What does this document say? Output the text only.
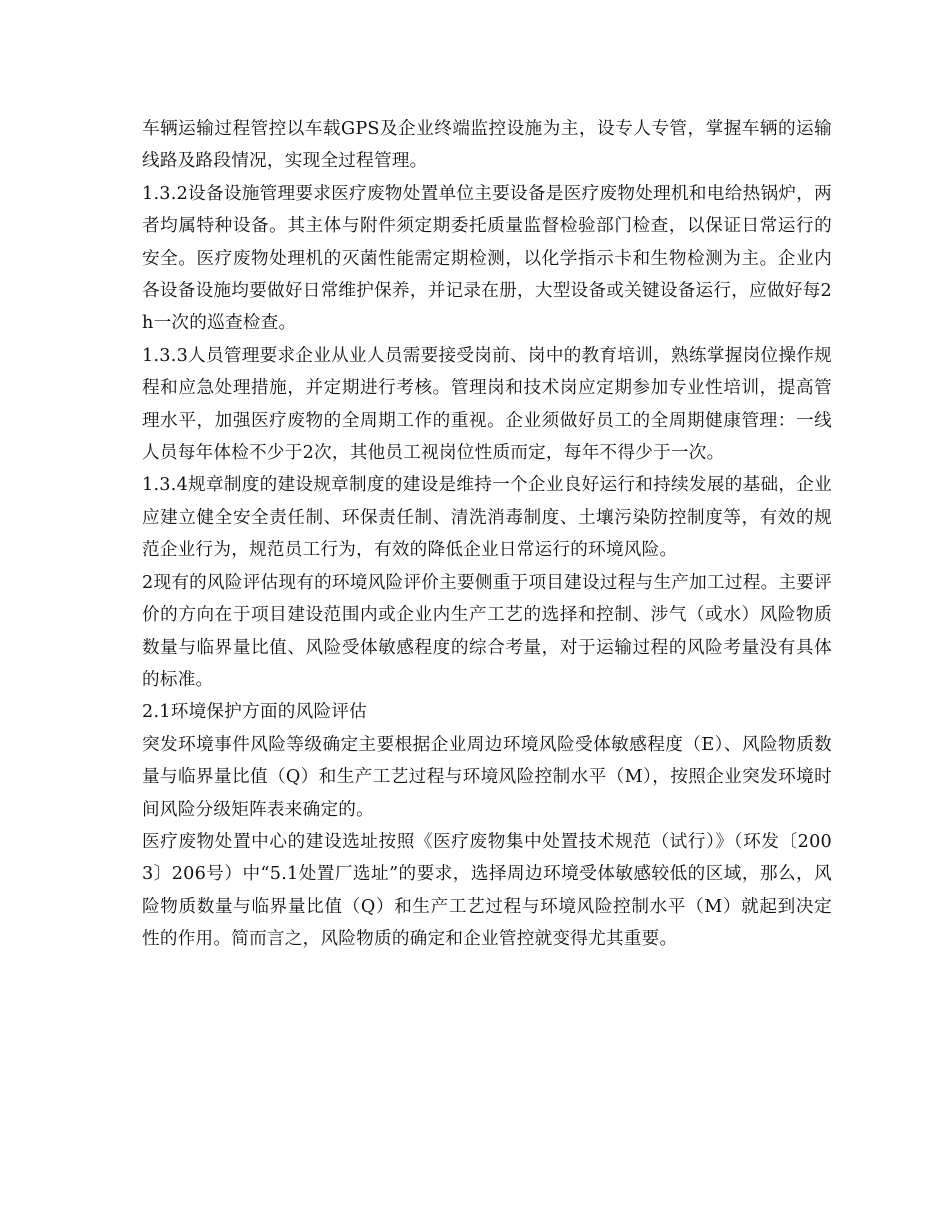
车辆运输过程管控以车载GPS及企业终端监控设施为主，设专人专管，掌握车辆的运输线路及路段情况，实现全过程管理。

1.3.2设备设施管理要求医疗废物处置单位主要设备是医疗废物处理机和电给热锅炉，两者均属特种设备。其主体与附件须定期委托质量监督检验部门检查，以保证日常运行的安全。医疗废物处理机的灭菌性能需定期检测，以化学指示卡和生物检测为主。企业内各设备设施均要做好日常维护保养，并记录在册，大型设备或关键设备运行，应做好每2h一次的巡查检查。

1.3.3人员管理要求企业从业人员需要接受岗前、岗中的教育培训，熟练掌握岗位操作规程和应急处理措施，并定期进行考核。管理岗和技术岗应定期参加专业性培训，提高管理水平，加强医疗废物的全周期工作的重视。企业须做好员工的全周期健康管理：一线人员每年体检不少于2次，其他员工视岗位性质而定，每年不得少于一次。

1.3.4规章制度的建设规章制度的建设是维持一个企业良好运行和持续发展的基础，企业应建立健全安全责任制、环保责任制、清洗消毒制度、土壤污染防控制度等，有效的规范企业行为，规范员工行为，有效的降低企业日常运行的环境风险。

2现有的风险评估现有的环境风险评价主要侧重于项目建设过程与生产加工过程。主要评价的方向在于项目建设范围内或企业内生产工艺的选择和控制、涉气（或水）风险物质数量与临界量比值、风险受体敏感程度的综合考量，对于运输过程的风险考量没有具体的标准。

2.1环境保护方面的风险评估

突发环境事件风险等级确定主要根据企业周边环境风险受体敏感程度（E）、风险物质数量与临界量比值（Q）和生产工艺过程与环境风险控制水平（M），按照企业突发环境时间风险分级矩阵表来确定的。

医疗废物处置中心的建设选址按照《医疗废物集中处置技术规范（试行）》（环发〔2003〕206号）中“5.1处置厂选址”的要求，选择周边环境受体敏感较低的区域，那么，风险物质数量与临界量比值（Q）和生产工艺过程与环境风险控制水平（M）就起到决定性的作用。简而言之，风险物质的确定和企业管控就变得尤其重要。
